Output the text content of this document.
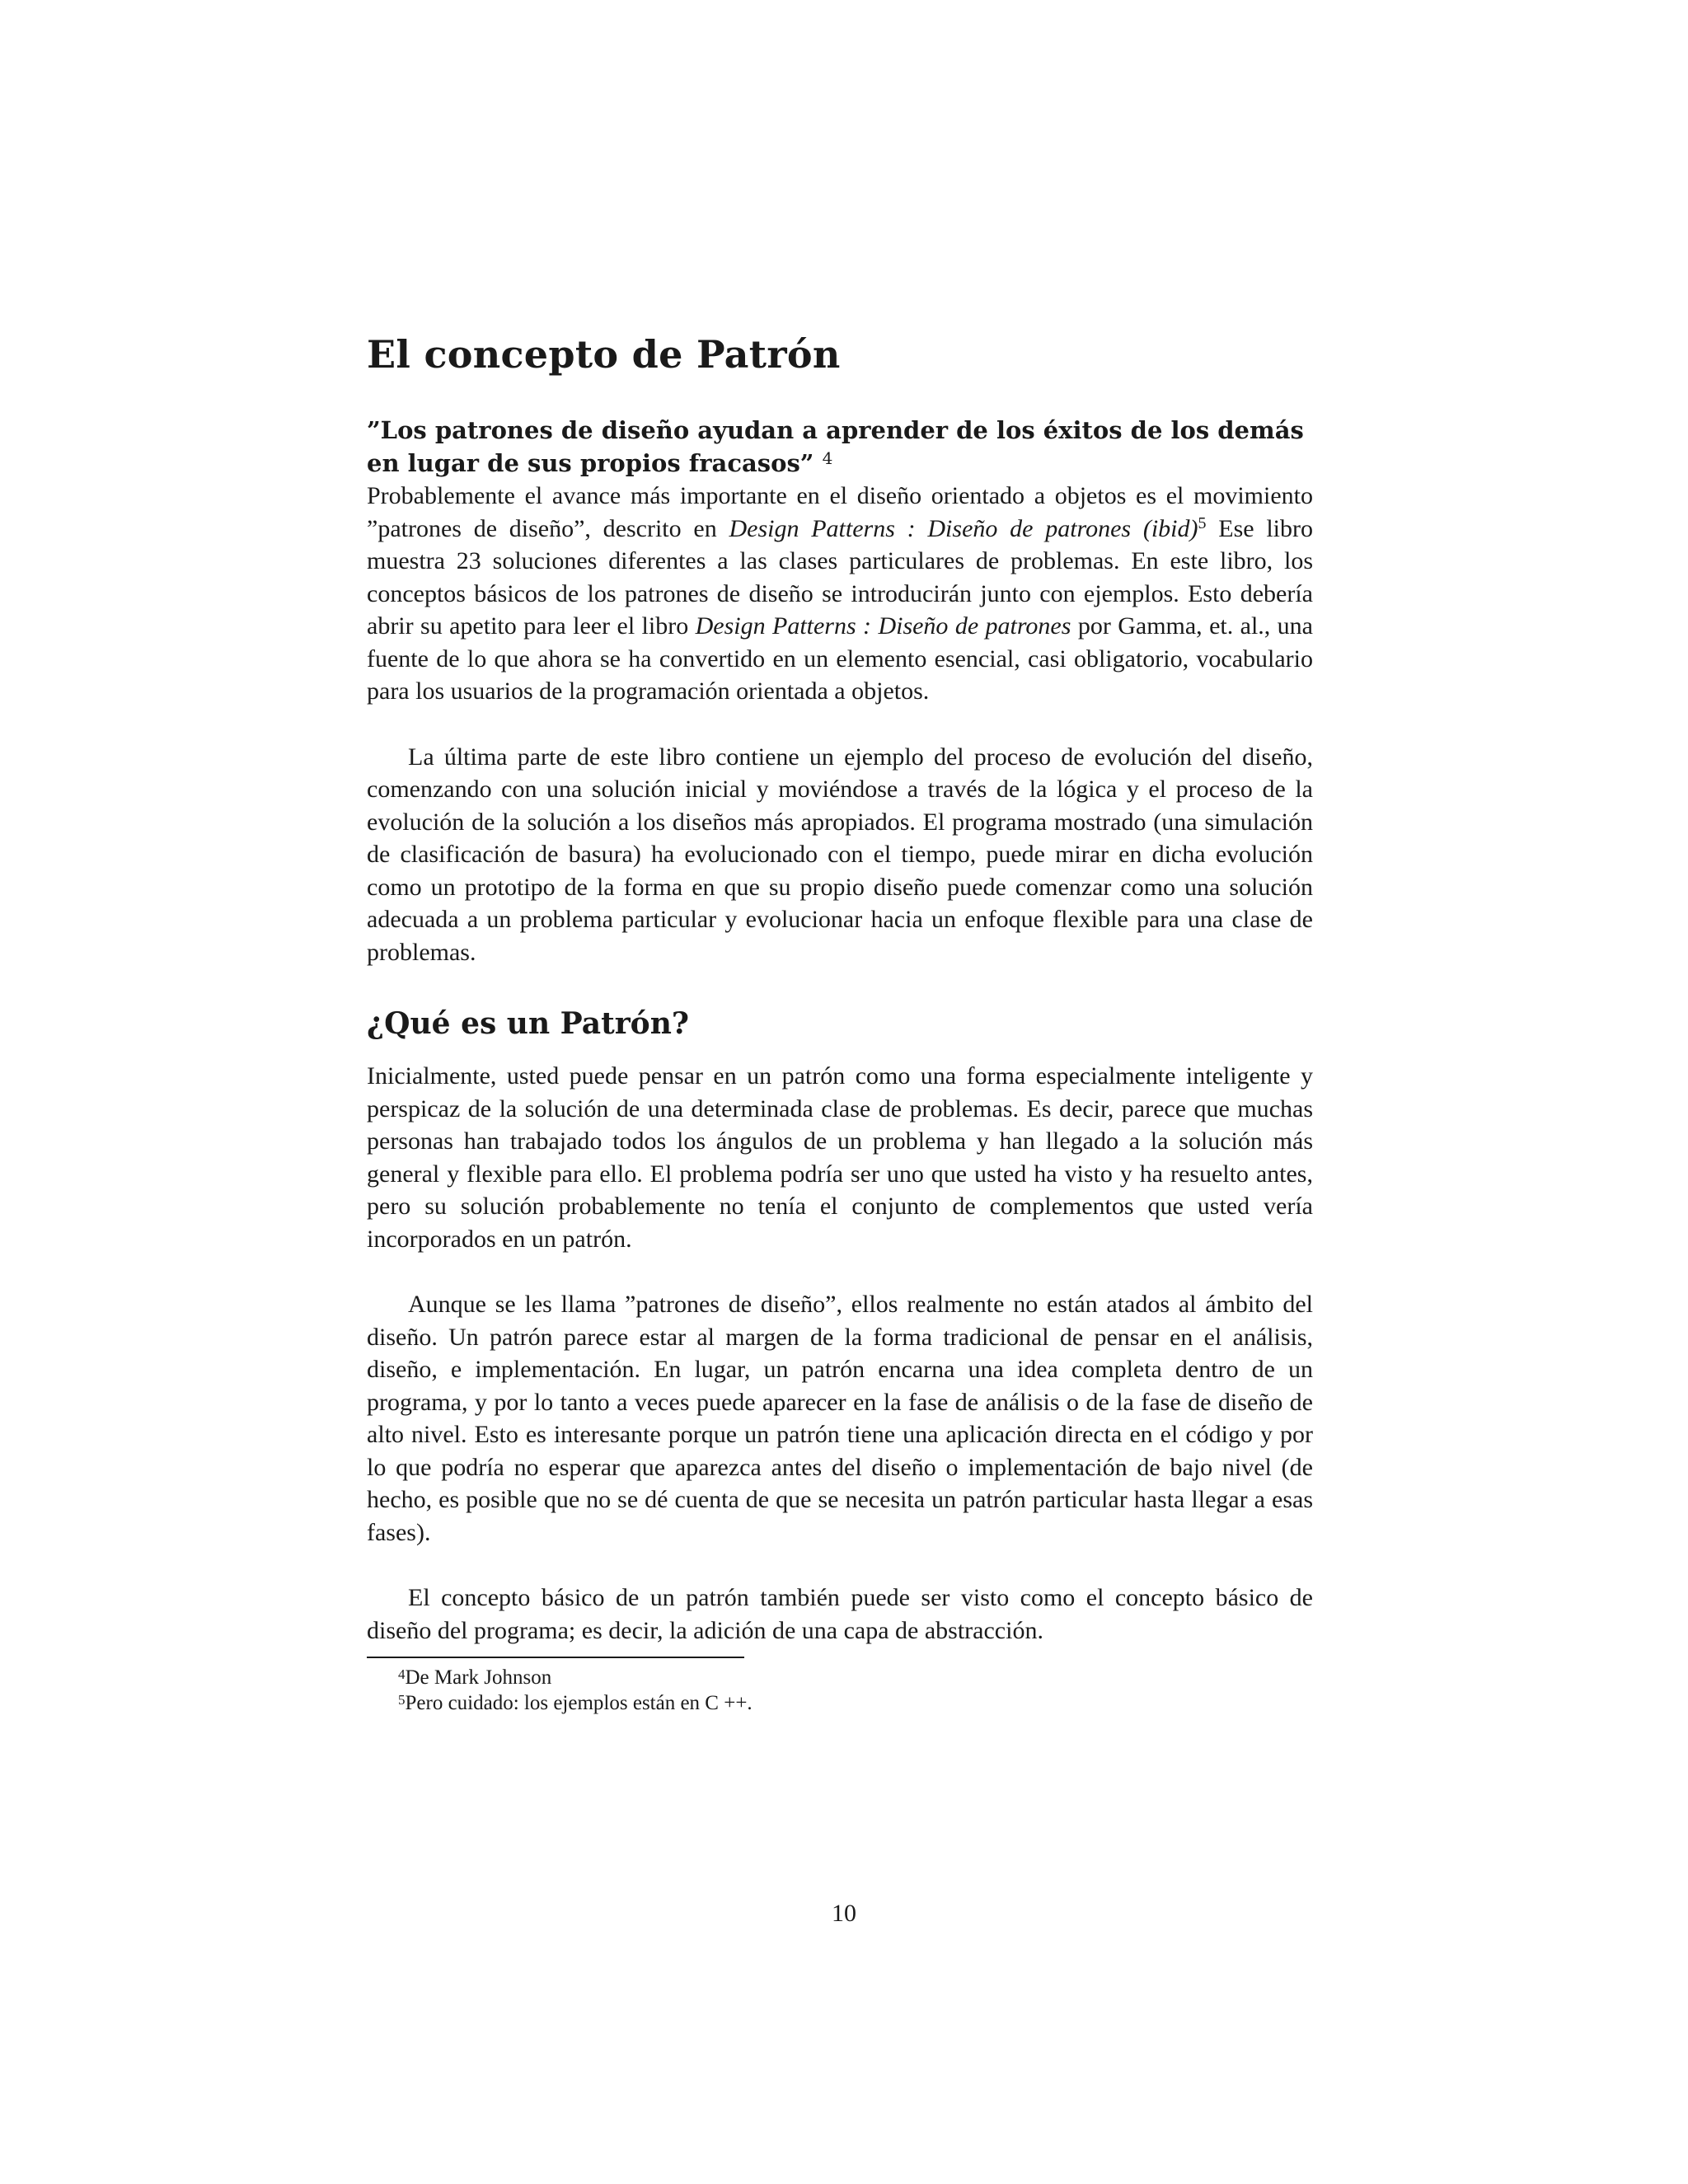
El concepto de Patrón

”Los patrones de diseño ayudan a aprender de los éxitos de los demás en lugar de sus propios fracasos” $^4$

Probablemente el avance más importante en el diseño orientado a objetos es el movimiento ”patrones de diseño”, descrito en Design Patterns : Diseño de patrones (ibid)$^5$ Ese libro muestra 23 soluciones diferentes a las clases particulares de problemas. En este libro, los conceptos básicos de los patrones de diseño se introducirán junto con ejemplos. Esto debería abrir su apetito para leer el libro Design Patterns : Diseño de patrones por Gamma, et. al., una fuente de lo que ahora se ha convertido en un elemento esencial, casi obligatorio, vocabulario para los usuarios de la programación orientada a objetos.

La última parte de este libro contiene un ejemplo del proceso de evolución del diseño, comenzando con una solución inicial y moviéndose a través de la lógica y el proceso de la evolución de la solución a los diseños más apropiados. El programa mostrado (una simulación de clasificación de basura) ha evolucionado con el tiempo, puede mirar en dicha evolución como un prototipo de la forma en que su propio diseño puede comenzar como una solución adecuada a un problema particular y evolucionar hacia un enfoque flexible para una clase de problemas.

¿Qué es un Patrón?

Inicialmente, usted puede pensar en un patrón como una forma especialmente inteligente y perspicaz de la solución de una determinada clase de problemas. Es decir, parece que muchas personas han trabajado todos los ángulos de un problema y han llegado a la solución más general y flexible para ello. El problema podría ser uno que usted ha visto y ha resuelto antes, pero su solución probablemente no tenía el conjunto de complementos que usted vería incorporados en un patrón.

Aunque se les llama ”patrones de diseño”, ellos realmente no están atados al ámbito del diseño. Un patrón parece estar al margen de la forma tradicional de pensar en el análisis, diseño, e implementación. En lugar, un patrón encarna una idea completa dentro de un programa, y por lo tanto a veces puede aparecer en la fase de análisis o de la fase de diseño de alto nivel. Esto es interesante porque un patrón tiene una aplicación directa en el código y por lo que podría no esperar que aparezca antes del diseño o implementación de bajo nivel (de hecho, es posible que no se dé cuenta de que se necesita un patrón particular hasta llegar a esas fases).

El concepto básico de un patrón también puede ser visto como el concepto básico de diseño del programa; es decir, la adición de una capa de abstracción.

$^4$De Mark Johnson

$^5$Pero cuidado: los ejemplos están en C ++.

10
